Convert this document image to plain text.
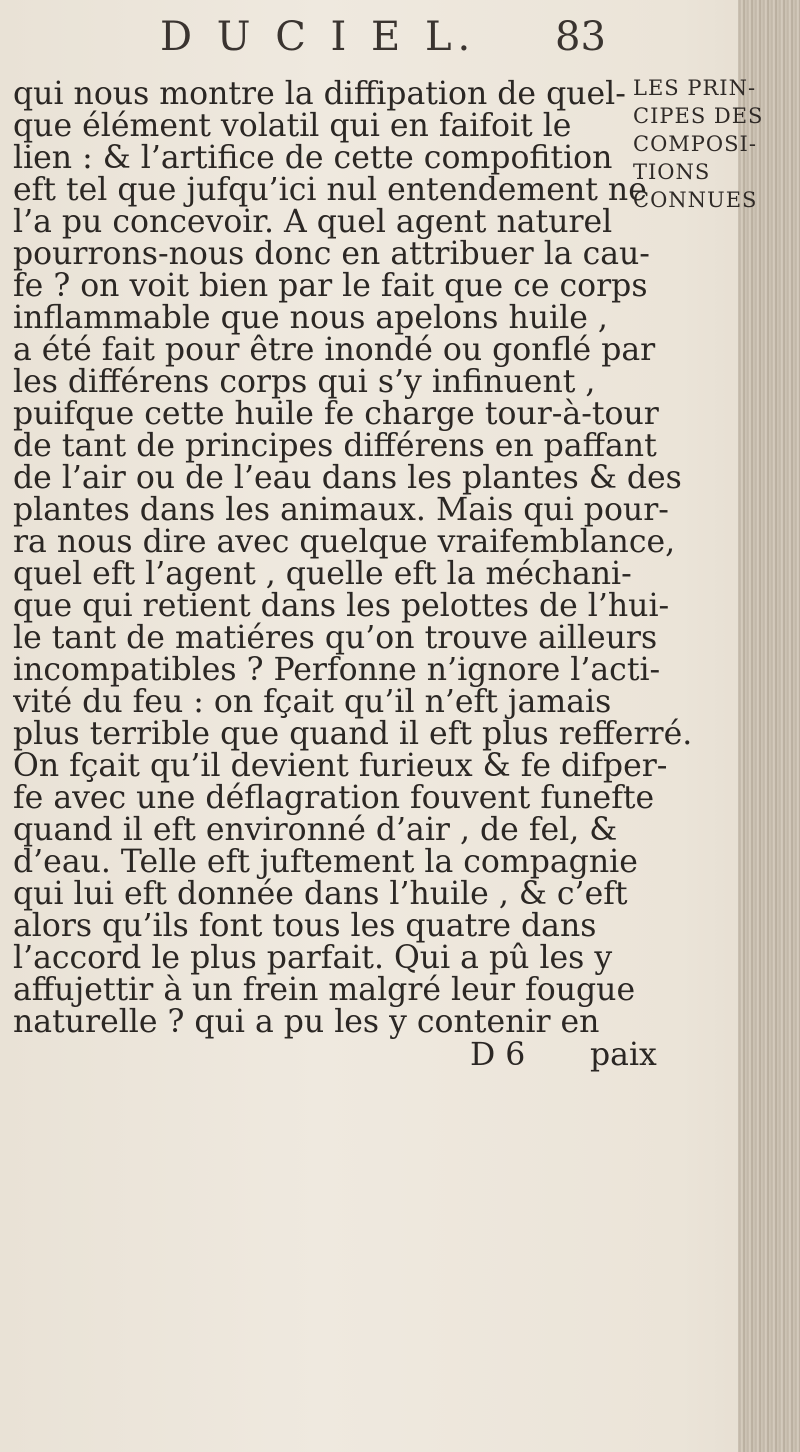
D U C I E L. 83
qui nous montre la diffipation de quel-
que élément volatil qui en faifoit le
lien : & l’artifice de cette compofition
eft tel que jufqu’ici nul entendement ne
l’a pu concevoir. A quel agent naturel
pourrons-nous donc en attribuer la cau-
fe ? on voit bien par le fait que ce corps
inflammable que nous apelons huile ,
a été fait pour être inondé ou gonflé par
les différens corps qui s’y infinuent ,
puifque cette huile fe charge tour-à-tour
de tant de principes différens en paffant
de l’air ou de l’eau dans les plantes & des
plantes dans les animaux. Mais qui pour-
ra nous dire avec quelque vraifemblance,
quel eft l’agent , quelle eft la méchani-
que qui retient dans les pelottes de l’hui-
le tant de matiéres qu’on trouve ailleurs
incompatibles ? Perfonne n’ignore l’acti-
vité du feu : on fçait qu’il n’eft jamais
plus terrible que quand il eft plus refferré.
On fçait qu’il devient furieux & fe difper-
fe avec une déflagration fouvent funefte
quand il eft environné d’air , de fel, &
d’eau. Telle eft juftement la compagnie
qui lui eft donnée dans l’huile , & c’eft
alors qu’ils font tous les quatre dans
l’accord le plus parfait. Qui a pû les y
affujettir à un frein malgré leur fougue
naturelle ? qui a pu les y contenir en
LES PRIN-
CIPES DES
COMPOSI-
TIONS
CONNUES
D 6 paix
